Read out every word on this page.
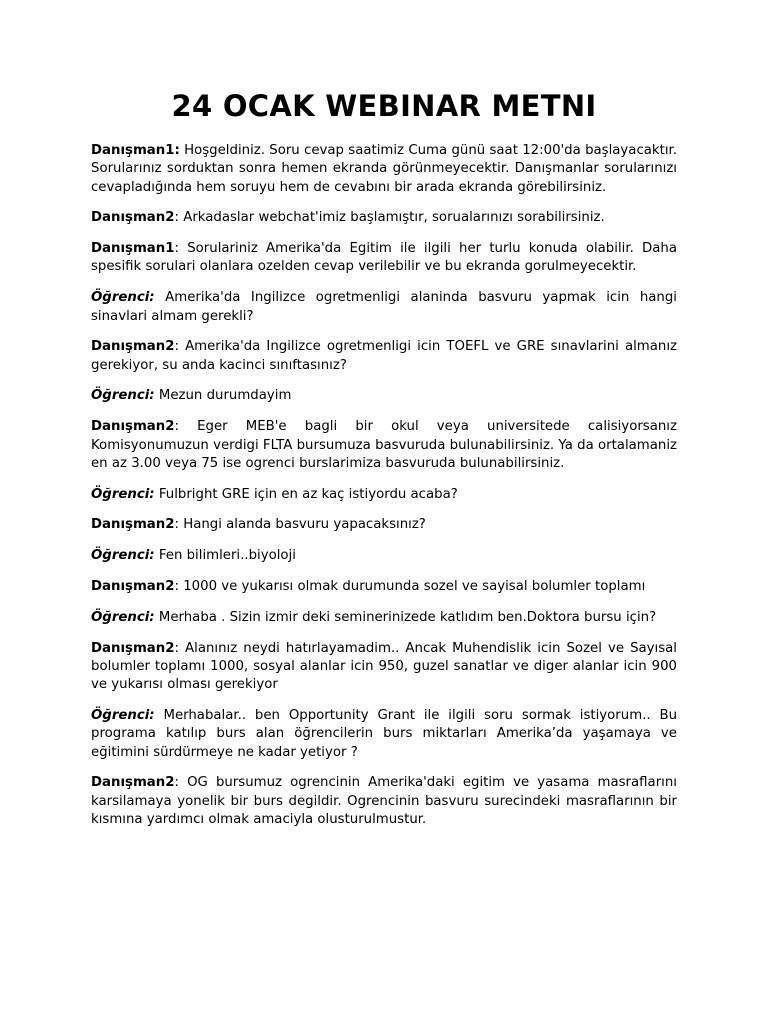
24 OCAK WEBINAR METNI

Danışman1: Hoşgeldiniz. Soru cevap saatimiz Cuma günü saat 12:00'da başlayacaktır. Sorularınız sorduktan sonra hemen ekranda görünmeyecektir. Danışmanlar sorularınızı cevapladığında hem soruyu hem de cevabını bir arada ekranda görebilirsiniz.

Danışman2: Arkadaslar webchat'imiz başlamıştır, sorualarınızı sorabilirsiniz.

Danışman1: Sorulariniz Amerika'da Egitim ile ilgili her turlu konuda olabilir. Daha spesifik sorulari olanlara ozelden cevap verilebilir ve bu ekranda gorulmeyecektir.

Öğrenci: Amerika'da Ingilizce ogretmenligi alaninda basvuru yapmak icin hangi sinavlari almam gerekli?

Danışman2: Amerika'da Ingilizce ogretmenligi icin TOEFL ve GRE sınavlarini almanız gerekiyor, su anda kacinci sınıftasınız?

Öğrenci: Mezun durumdayim

Danışman2: Eger MEB'e bagli bir okul veya universitede calisiyorsanız Komisyonumuzun verdigi FLTA bursumuza basvuruda bulunabilirsiniz. Ya da ortalamaniz en az 3.00 veya 75 ise ogrenci burslarimiza basvuruda bulunabilirsiniz.

Öğrenci: Fulbright GRE için en az kaç istiyordu acaba?

Danışman2: Hangi alanda basvuru yapacaksınız?

Öğrenci: Fen bilimleri..biyoloji

Danışman2: 1000 ve yukarısı olmak durumunda sozel ve sayisal bolumler toplamı

Öğrenci: Merhaba . Sizin izmir deki seminerinizede katlıdım ben.Doktora bursu için?

Danışman2: Alanınız neydi hatırlayamadim.. Ancak Muhendislik icin Sozel ve Sayısal bolumler toplamı 1000, sosyal alanlar icin 950, guzel sanatlar ve diger alanlar icin 900 ve yukarısı olması gerekiyor

Öğrenci: Merhabalar.. ben Opportunity Grant ile ilgili soru sormak istiyorum.. Bu programa katılıp burs alan öğrencilerin burs miktarları Amerika’da yaşamaya ve eğitimini sürdürmeye ne kadar yetiyor ?

Danışman2: OG bursumuz ogrencinin Amerika'daki egitim ve yasama masraflarını karsilamaya yonelik bir burs degildir. Ogrencinin basvuru surecindeki masraflarının bir kısmına yardımcı olmak amaciyla olusturulmustur.
